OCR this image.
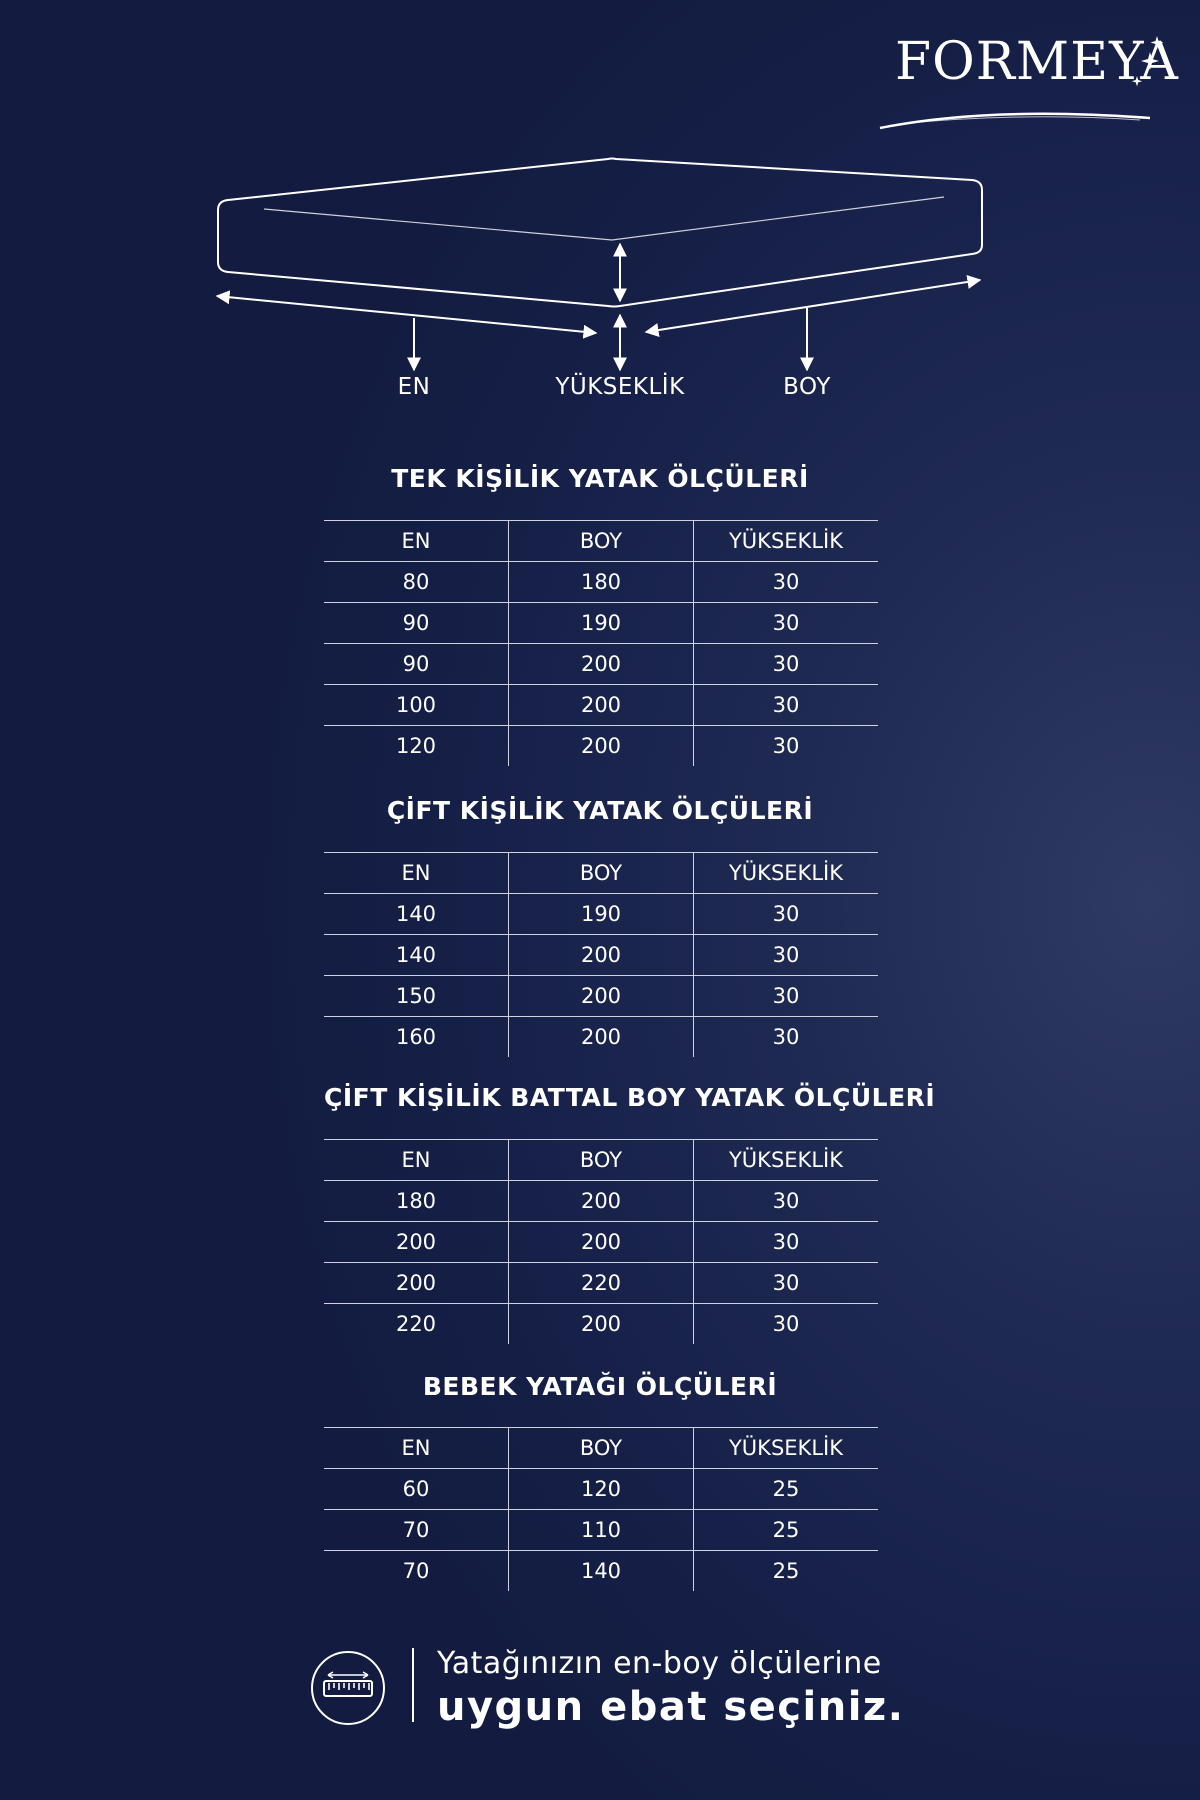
FORMEYA
EN	YÜKSEKLİK	BOY
TEK KİŞİLİK YATAK ÖLÇÜLERİ
EN	BOY	YÜKSEKLİK
80	180	30
90	190	30
90	200	30
100	200	30
120	200	30
ÇİFT KİŞİLİK YATAK ÖLÇÜLERİ
EN	BOY	YÜKSEKLİK
140	190	30
140	200	30
150	200	30
160	200	30
ÇİFT KİŞİLİK BATTAL BOY YATAK ÖLÇÜLERİ
EN	BOY	YÜKSEKLİK
180	200	30
200	200	30
200	220	30
220	200	30
BEBEK YATAĞI ÖLÇÜLERİ
EN	BOY	YÜKSEKLİK
60	120	25
70	110	25
70	140	25
Yatağınızın en-boy ölçülerine
uygun ebat seçiniz.
